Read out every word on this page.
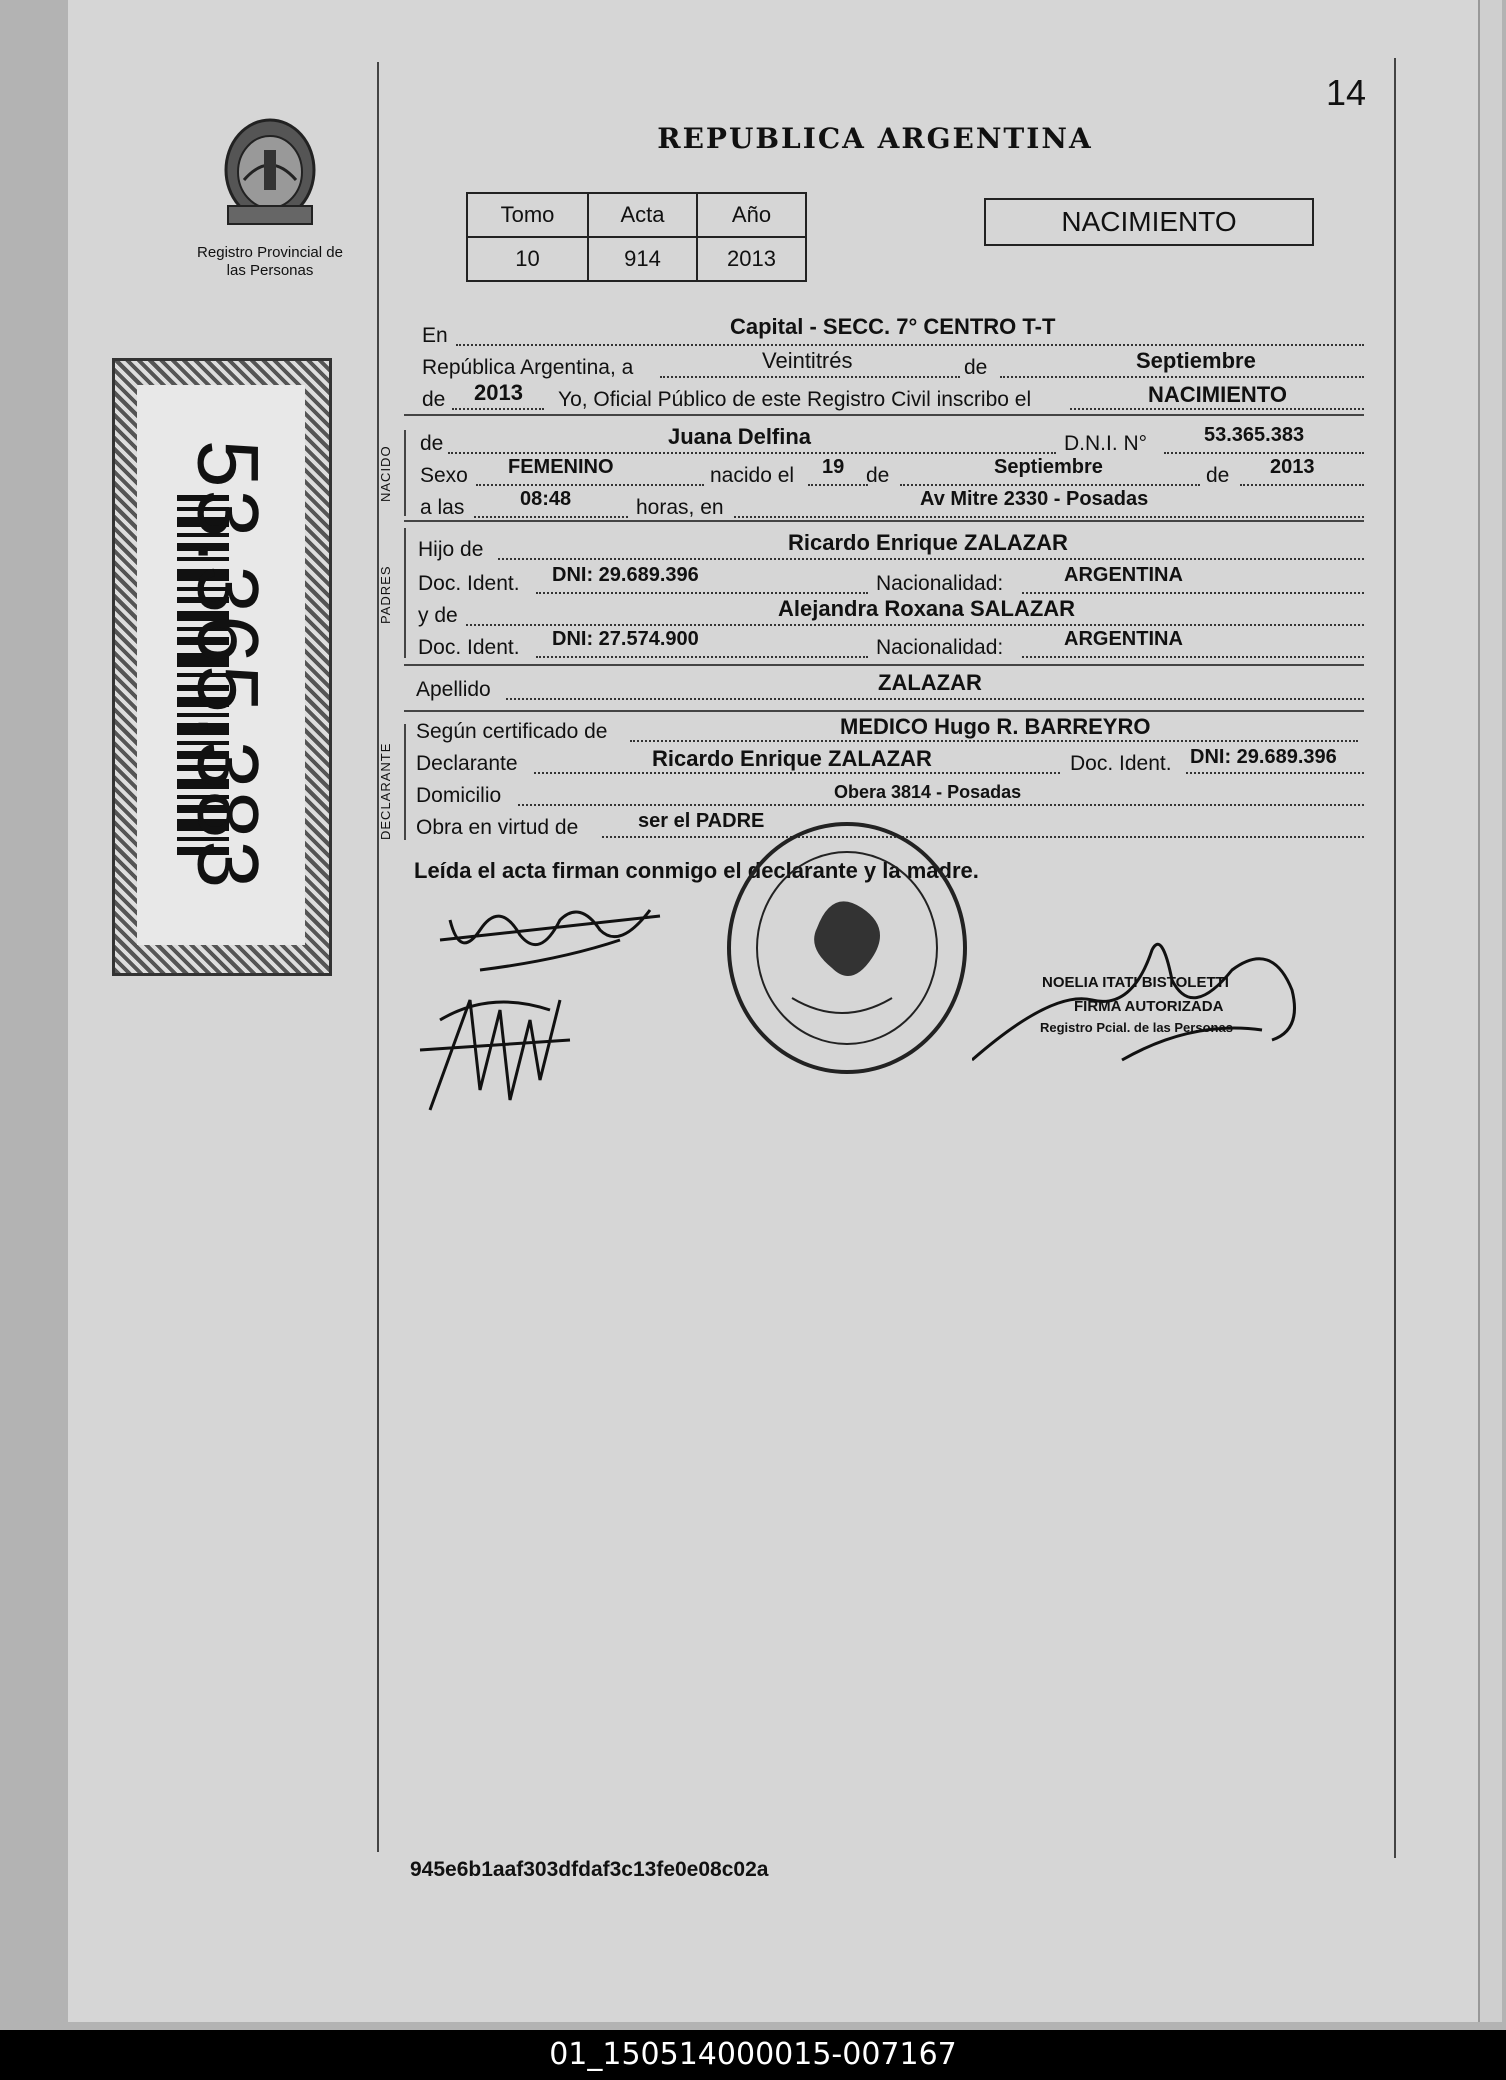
14
REPUBLICA ARGENTINA
Registro Provincial de las Personas
53.365.383
Tomo	Acta	Año
10	914	2013
NACIMIENTO
NACIDO
PADRES
DECLARANTE
En	Capital - SECC. 7° CENTRO T-T
República Argentina, a	Veintitrés	de	Septiembre
de 2013 Yo, Oficial Público de este Registro Civil inscribo el	NACIMIENTO
de	Juana Delfina	D.N.I. N°	53.365.383
Sexo FEMENINO	nacido el 19 de	Septiembre	de 2013
a las	08:48	horas, en	Av Mitre 2330 - Posadas
Hijo de	Ricardo Enrique ZALAZAR
Doc. Ident. DNI: 29.689.396	Nacionalidad:	ARGENTINA
y de	Alejandra Roxana SALAZAR
Doc. Ident. DNI: 27.574.900	Nacionalidad:	ARGENTINA
Apellido	ZALAZAR
Según certificado de	MEDICO Hugo R. BARREYRO
Declarante	Ricardo Enrique ZALAZAR	Doc. Ident. DNI: 29.689.396
Domicilio	Obera 3814 - Posadas
Obra en virtud de	ser el PADRE
Leída el acta firman conmigo el declarante y la madre.
NOELIA ITATI BISTOLETTI
FIRMA AUTORIZADA
Registro Pcial. de las Personas
945e6b1aaf303dfdaf3c13fe0e08c02a
01_150514000015-007167
